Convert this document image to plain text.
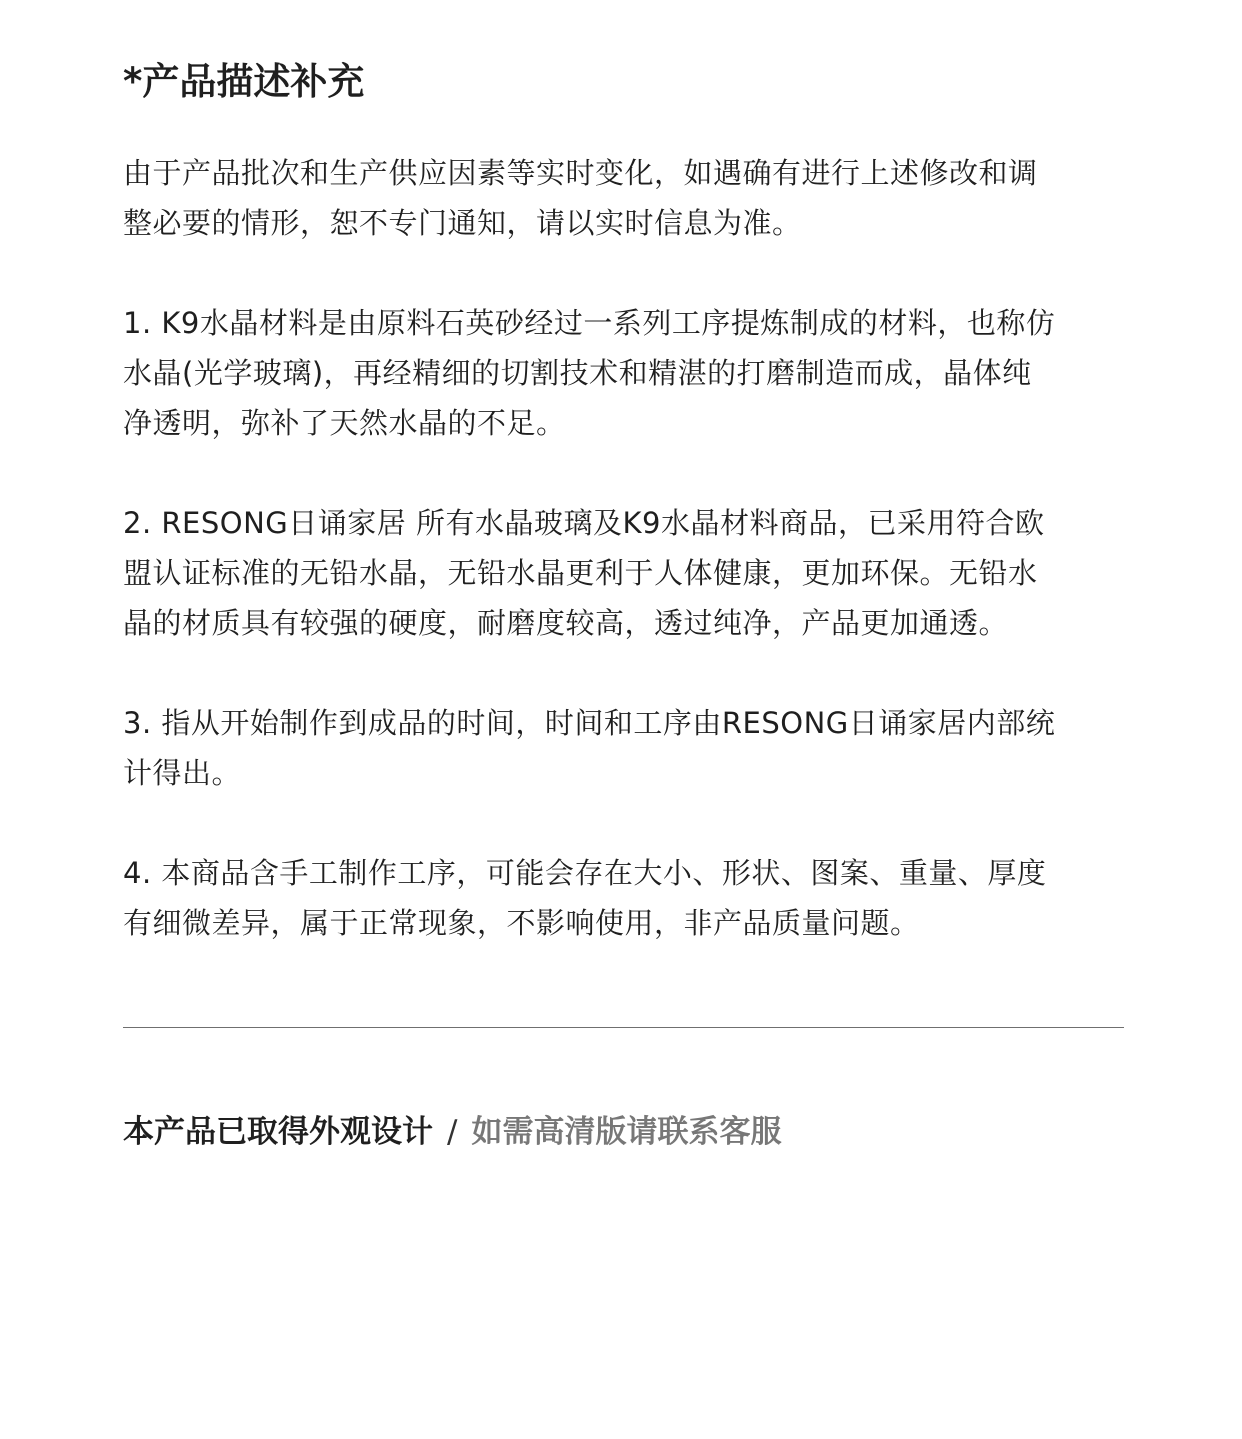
*产品描述补充
由于产品批次和生产供应因素等实时变化，如遇确有进行上述修改和调
整必要的情形，恕不专门通知，请以实时信息为准。
1. K9水晶材料是由原料石英砂经过一系列工序提炼制成的材料，也称仿
水晶(光学玻璃)，再经精细的切割技术和精湛的打磨制造而成，晶体纯
净透明，弥补了天然水晶的不足。
2. RESONG日诵家居 所有水晶玻璃及K9水晶材料商品，已采用符合欧
盟认证标准的无铅水晶，无铅水晶更利于人体健康，更加环保。无铅水
晶的材质具有较强的硬度，耐磨度较高，透过纯净，产品更加通透。
3. 指从开始制作到成品的时间，时间和工序由RESONG日诵家居内部统
计得出。
4. 本商品含手工制作工序，可能会存在大小、形状、图案、重量、厚度
有细微差异，属于正常现象，不影响使用，非产品质量问题。
本产品已取得外观设计 / 如需高清版请联系客服
